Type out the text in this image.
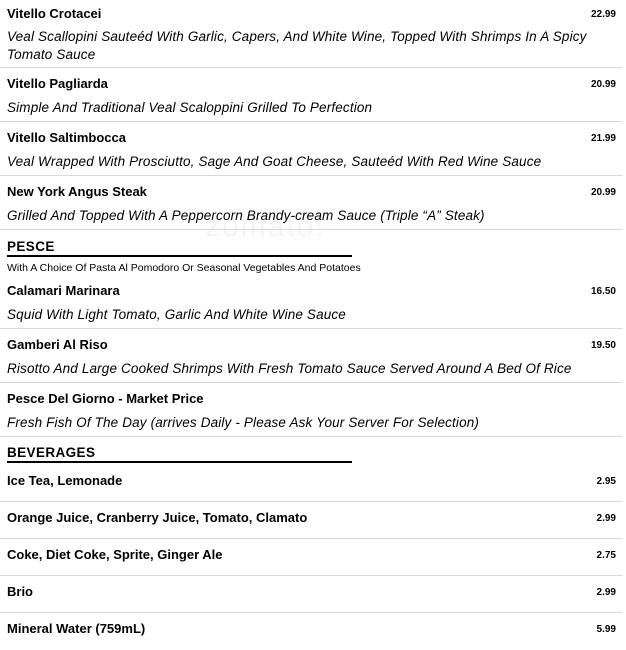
Vitello Crotacei	22.99
Veal Scallopini Sauteéd With Garlic, Capers, And White Wine, Topped With Shrimps In A Spicy Tomato Sauce
Vitello Pagliarda	20.99
Simple And Traditional Veal Scaloppini Grilled To Perfection
Vitello Saltimbocca	21.99
Veal Wrapped With Prosciutto, Sage And Goat Cheese, Sauteéd With Red Wine Sauce
New York Angus Steak	20.99
Grilled And Topped With A Peppercorn Brandy-cream Sauce (Triple “A” Steak)
PESCE
With A Choice Of Pasta Al Pomodoro Or Seasonal Vegetables And Potatoes
Calamari Marinara	16.50
Squid With Light Tomato, Garlic And White Wine Sauce
Gamberi Al Riso	19.50
Risotto And Large Cooked Shrimps With Fresh Tomato Sauce Served Around A Bed Of Rice
Pesce Del Giorno - Market Price
Fresh Fish Of The Day (arrives Daily - Please Ask Your Server For Selection)
BEVERAGES
Ice Tea, Lemonade	2.95
Orange Juice, Cranberry Juice, Tomato, Clamato	2.99
Coke, Diet Coke, Sprite, Ginger Ale	2.75
Brio	2.99
Mineral Water (759mL)	5.99
